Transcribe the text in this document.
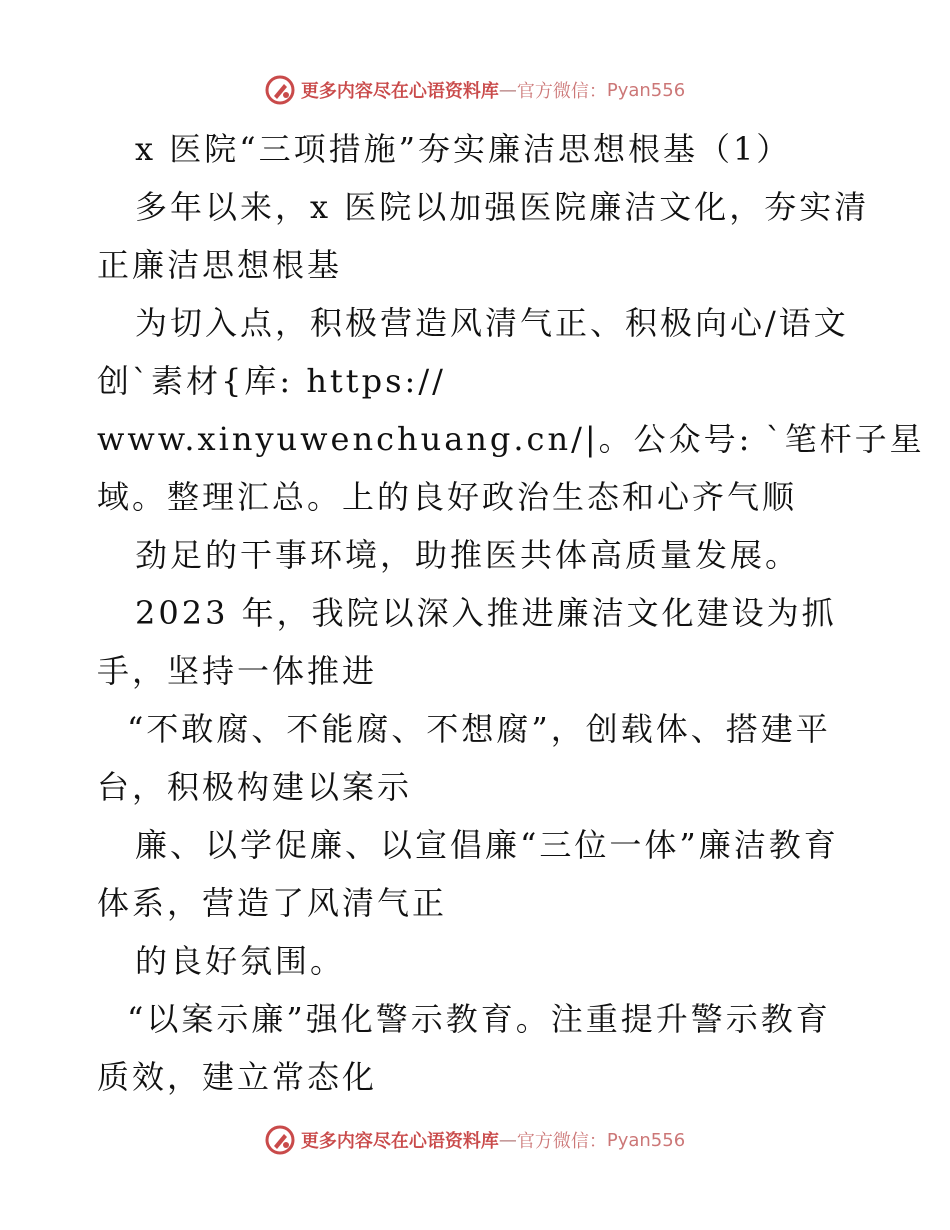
更多内容尽在心语资料库 — 官方微信： Pyan556
x 医院“三项措施”夯实廉洁思想根基（1）
多年以来，x 医院以加强医院廉洁文化，夯实清
正廉洁思想根基
为切入点，积极营造风清气正、积极向心/语文
创`素材{库: https://
www.xinyuwenchuang.cn/|。公众号: `笔杆子星
域。整理汇总。上的良好政治生态和心齐气顺
劲足的干事环境，助推医共体高质量发展。
2023 年，我院以深入推进廉洁文化建设为抓
手，坚持一体推进
“不敢腐、不能腐、不想腐”，创载体、搭建平
台，积极构建以案示
廉、以学促廉、以宣倡廉“三位一体”廉洁教育
体系，营造了风清气正
的良好氛围。
“以案示廉”强化警示教育。注重提升警示教育
质效，建立常态化
更多内容尽在心语资料库 — 官方微信： Pyan556
